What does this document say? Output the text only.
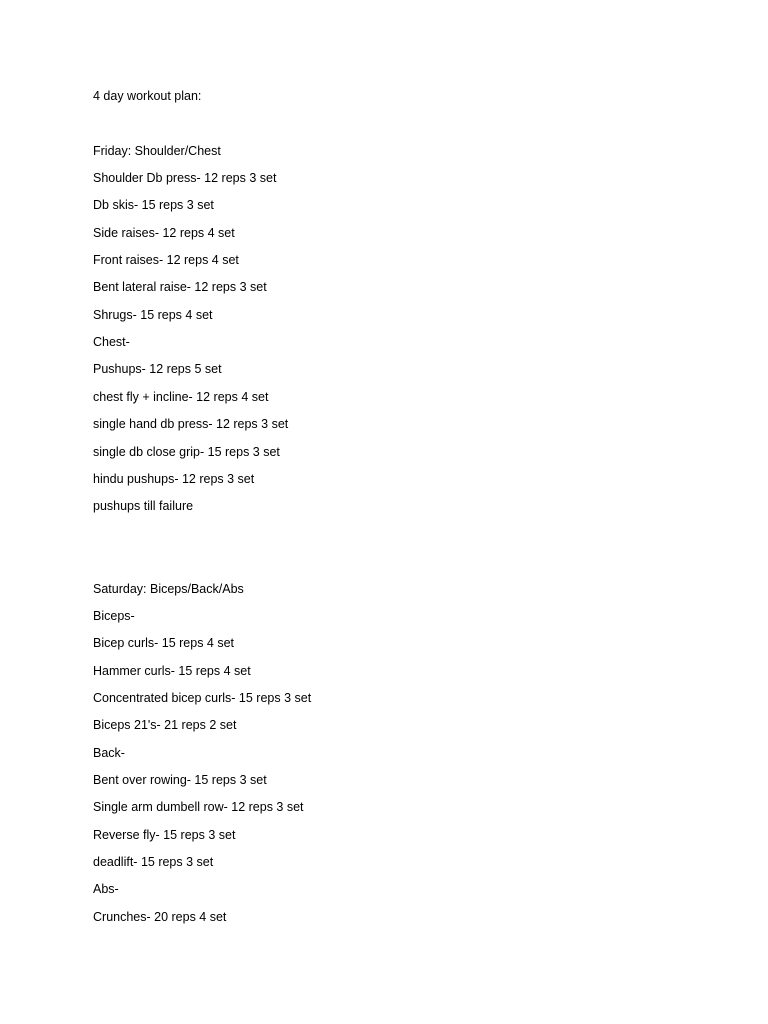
4 day workout plan:
Friday: Shoulder/Chest
Shoulder Db press- 12 reps 3 set
Db skis- 15 reps 3 set
Side raises- 12 reps 4 set
Front raises- 12 reps 4 set
Bent lateral raise- 12 reps 3 set
Shrugs- 15 reps 4 set
Chest-
Pushups- 12 reps 5 set
chest fly + incline- 12 reps 4 set
single hand db press- 12 reps 3 set
single db close grip- 15 reps 3 set
hindu pushups- 12 reps 3 set
pushups till failure
Saturday: Biceps/Back/Abs
Biceps-
Bicep curls- 15 reps 4 set
Hammer curls- 15 reps 4 set
Concentrated bicep curls- 15 reps 3 set
Biceps 21's- 21 reps 2 set
Back-
Bent over rowing- 15 reps 3 set
Single arm dumbell row- 12 reps 3 set
Reverse fly- 15 reps 3 set
deadlift- 15 reps 3 set
Abs-
Crunches- 20 reps 4 set
